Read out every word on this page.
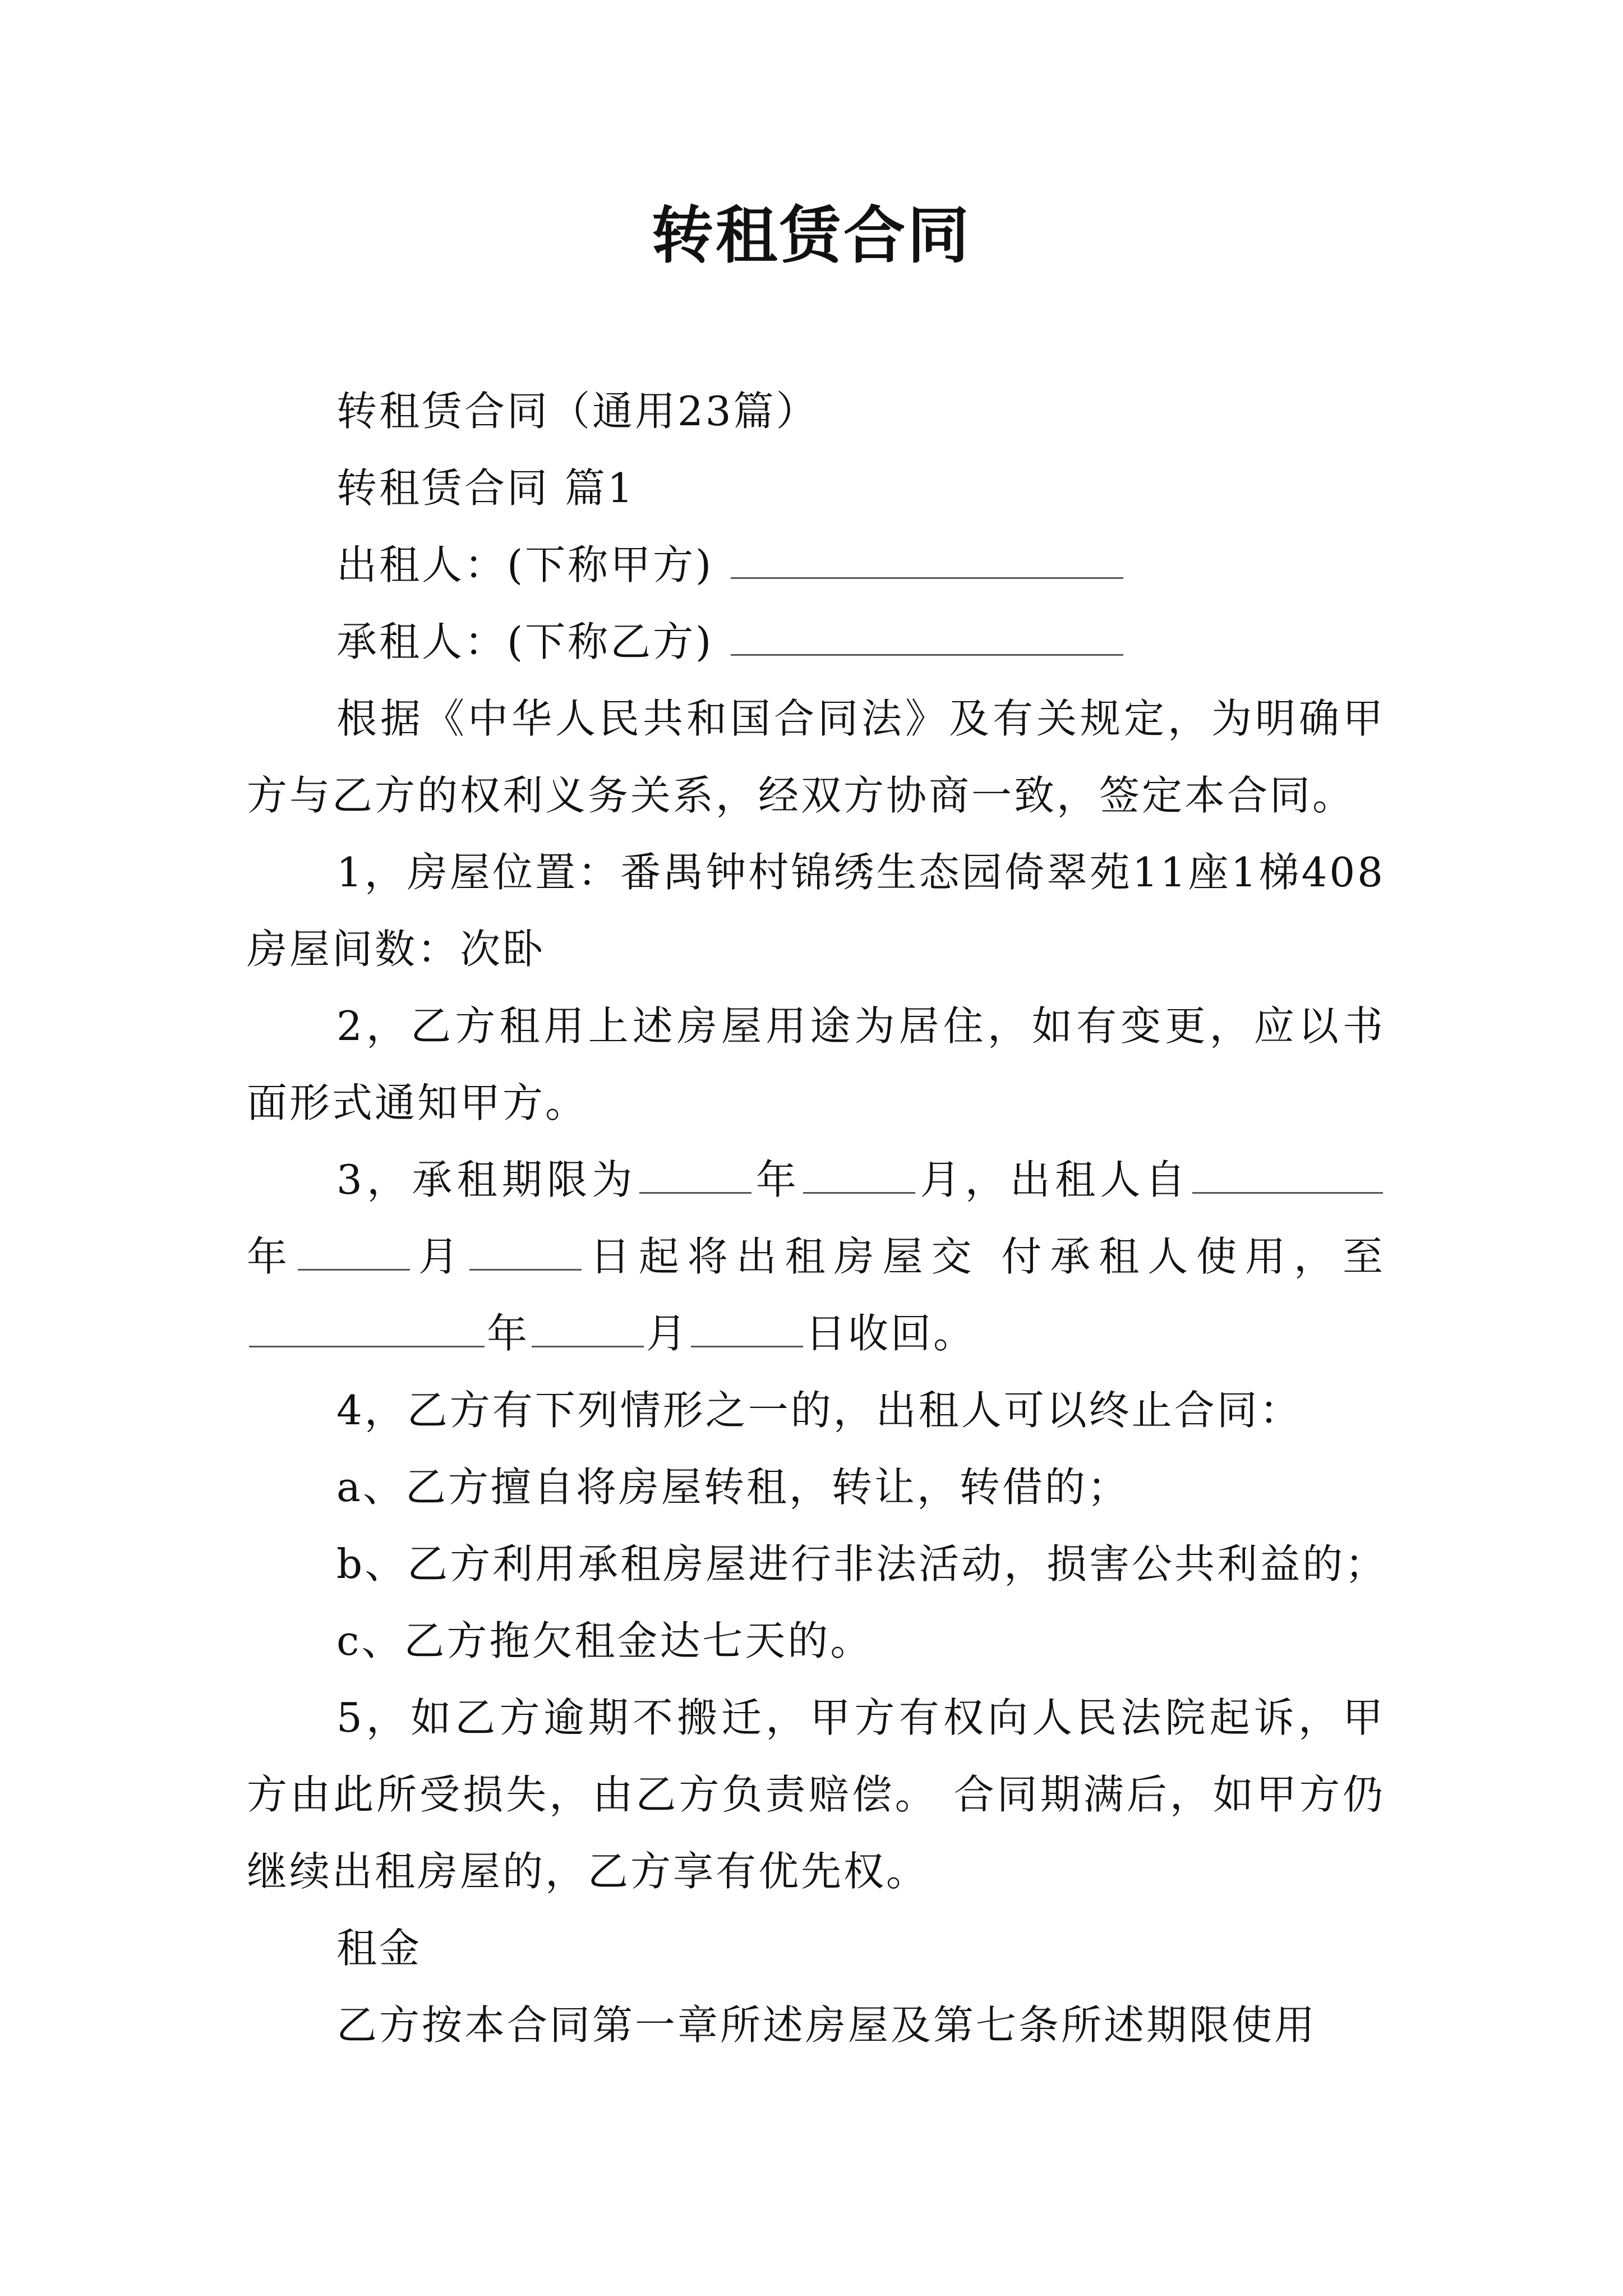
转租赁合同

转租赁合同（通用23篇）

转租赁合同 篇1

出租人：(下称甲方)

承租人：(下称乙方)

根据《中华人民共和国合同法》及有关规定，为明确甲方与乙方的权利义务关系，经双方协商一致，签定本合同。

1，房屋位置：番禺钟村锦绣生态园倚翠苑11座1梯408 房屋间数：次卧

2，乙方租用上述房屋用途为居住，如有变更，应以书面形式通知甲方。

3，承租期限为	年	月，出租人自年	月	日起将出租房屋交 付承租人使用，至年	月	日收回。

4，乙方有下列情形之一的，出租人可以终止合同：

a、乙方擅自将房屋转租，转让，转借的；

b、乙方利用承租房屋进行非法活动，损害公共利益的；

c、乙方拖欠租金达七天的。

5，如乙方逾期不搬迁，甲方有权向人民法院起诉，甲方由此所受损失，由乙方负责赔偿。 合同期满后，如甲方仍继续出租房屋的，乙方享有优先权。

租金

乙方按本合同第一章所述房屋及第七条所述期限使用
